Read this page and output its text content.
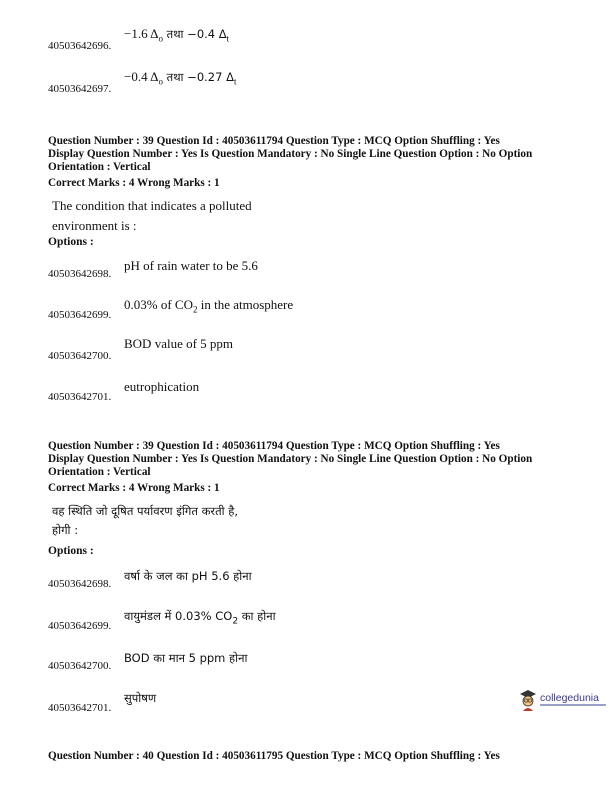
40503642696.
−1.6 $\Delta_o$ तथा −0.4 $\Delta_t$
40503642697.
−0.4 $\Delta_o$ तथा −0.27 $\Delta_t$
Question Number : 39 Question Id : 40503611794 Question Type : MCQ Option Shuffling : Yes
Display Question Number : Yes Is Question Mandatory : No Single Line Question Option : No Option
Orientation : Vertical
Correct Marks : 4 Wrong Marks : 1
The condition that indicates a polluted
environment is :
Options :
40503642698.
pH of rain water to be 5.6
40503642699.
0.03% of $CO_2$ in the atmosphere
40503642700.
BOD value of 5 ppm
40503642701.
eutrophication
Question Number : 39 Question Id : 40503611794 Question Type : MCQ Option Shuffling : Yes
Display Question Number : Yes Is Question Mandatory : No Single Line Question Option : No Option
Orientation : Vertical
Correct Marks : 4 Wrong Marks : 1
वह स्थिति जो दूषित पर्यावरण इंगित करती है,
होगी :
Options :
40503642698.
वर्षा के जल का pH 5.6 होना
40503642699.
वायुमंडल में 0.03% $CO_2$ का होना
40503642700.
BOD का मान 5 ppm होना
40503642701.
सुपोषण	collegedunia
Question Number : 40 Question Id : 40503611795 Question Type : MCQ Option Shuffling : Yes
